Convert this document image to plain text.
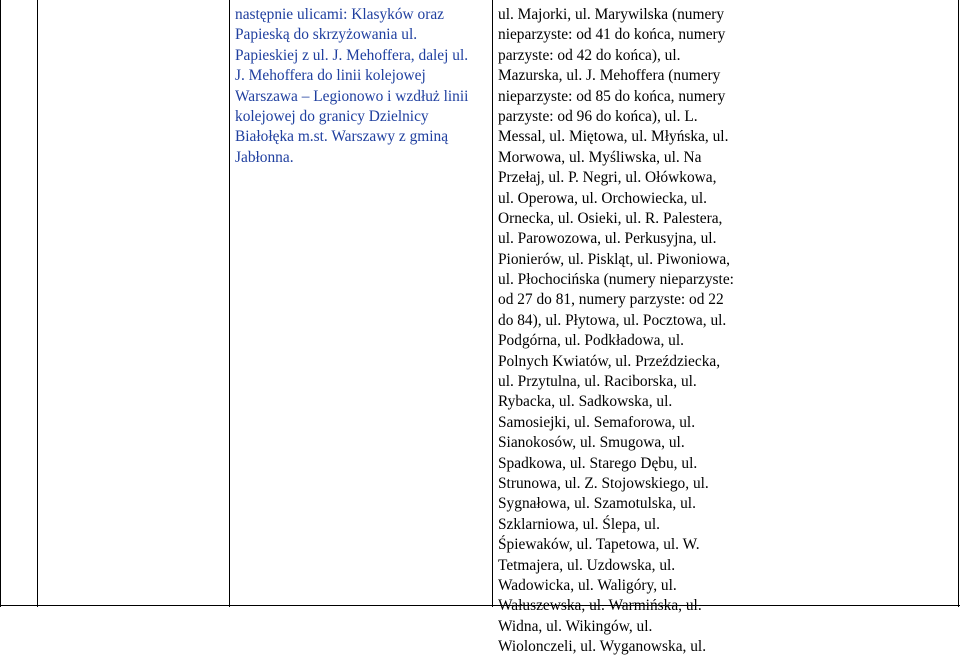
następnie ulicami: Klasyków oraz
Papieską do skrzyżowania ul.
Papieskiej z ul. J. Mehoffera, dalej ul.
J. Mehoffera do linii kolejowej
Warszawa – Legionowo i wzdłuż linii
kolejowej do granicy Dzielnicy
Białołęka m.st. Warszawy z gminą
Jabłonna.
ul. Majorki, ul. Marywilska (numery
nieparzyste: od 41 do końca, numery
parzyste: od 42 do końca), ul.
Mazurska, ul. J. Mehoffera (numery
nieparzyste: od 85 do końca, numery
parzyste: od 96 do końca), ul. L.
Messal, ul. Miętowa, ul. Młyńska, ul.
Morwowa, ul. Myśliwska, ul. Na
Przełaj, ul. P. Negri, ul. Ołówkowa,
ul. Operowa, ul. Orchowiecka, ul.
Ornecka, ul. Osieki, ul. R. Palestera,
ul. Parowozowa, ul. Perkusyjna, ul.
Pionierów, ul. Piskląt, ul. Piwoniowa,
ul. Płochocińska (numery nieparzyste:
od 27 do 81, numery parzyste: od 22
do 84), ul. Płytowa, ul. Pocztowa, ul.
Podgórna, ul. Podkładowa, ul.
Polnych Kwiatów, ul. Przeździecka,
ul. Przytulna, ul. Raciborska, ul.
Rybacka, ul. Sadkowska, ul.
Samosiejki, ul. Semaforowa, ul.
Sianokosów, ul. Smugowa, ul.
Spadkowa, ul. Starego Dębu, ul.
Strunowa, ul. Z. Stojowskiego, ul.
Sygnałowa, ul. Szamotulska, ul.
Szklarniowa, ul. Ślepa, ul.
Śpiewaków, ul. Tapetowa, ul. W.
Tetmajera, ul. Uzdowska, ul.
Wadowicka, ul. Waligóry, ul.
Wałuszewska, ul. Warmińska, ul.
Widna, ul. Wikingów, ul.
Wiolonczeli, ul. Wyganowska, ul.
